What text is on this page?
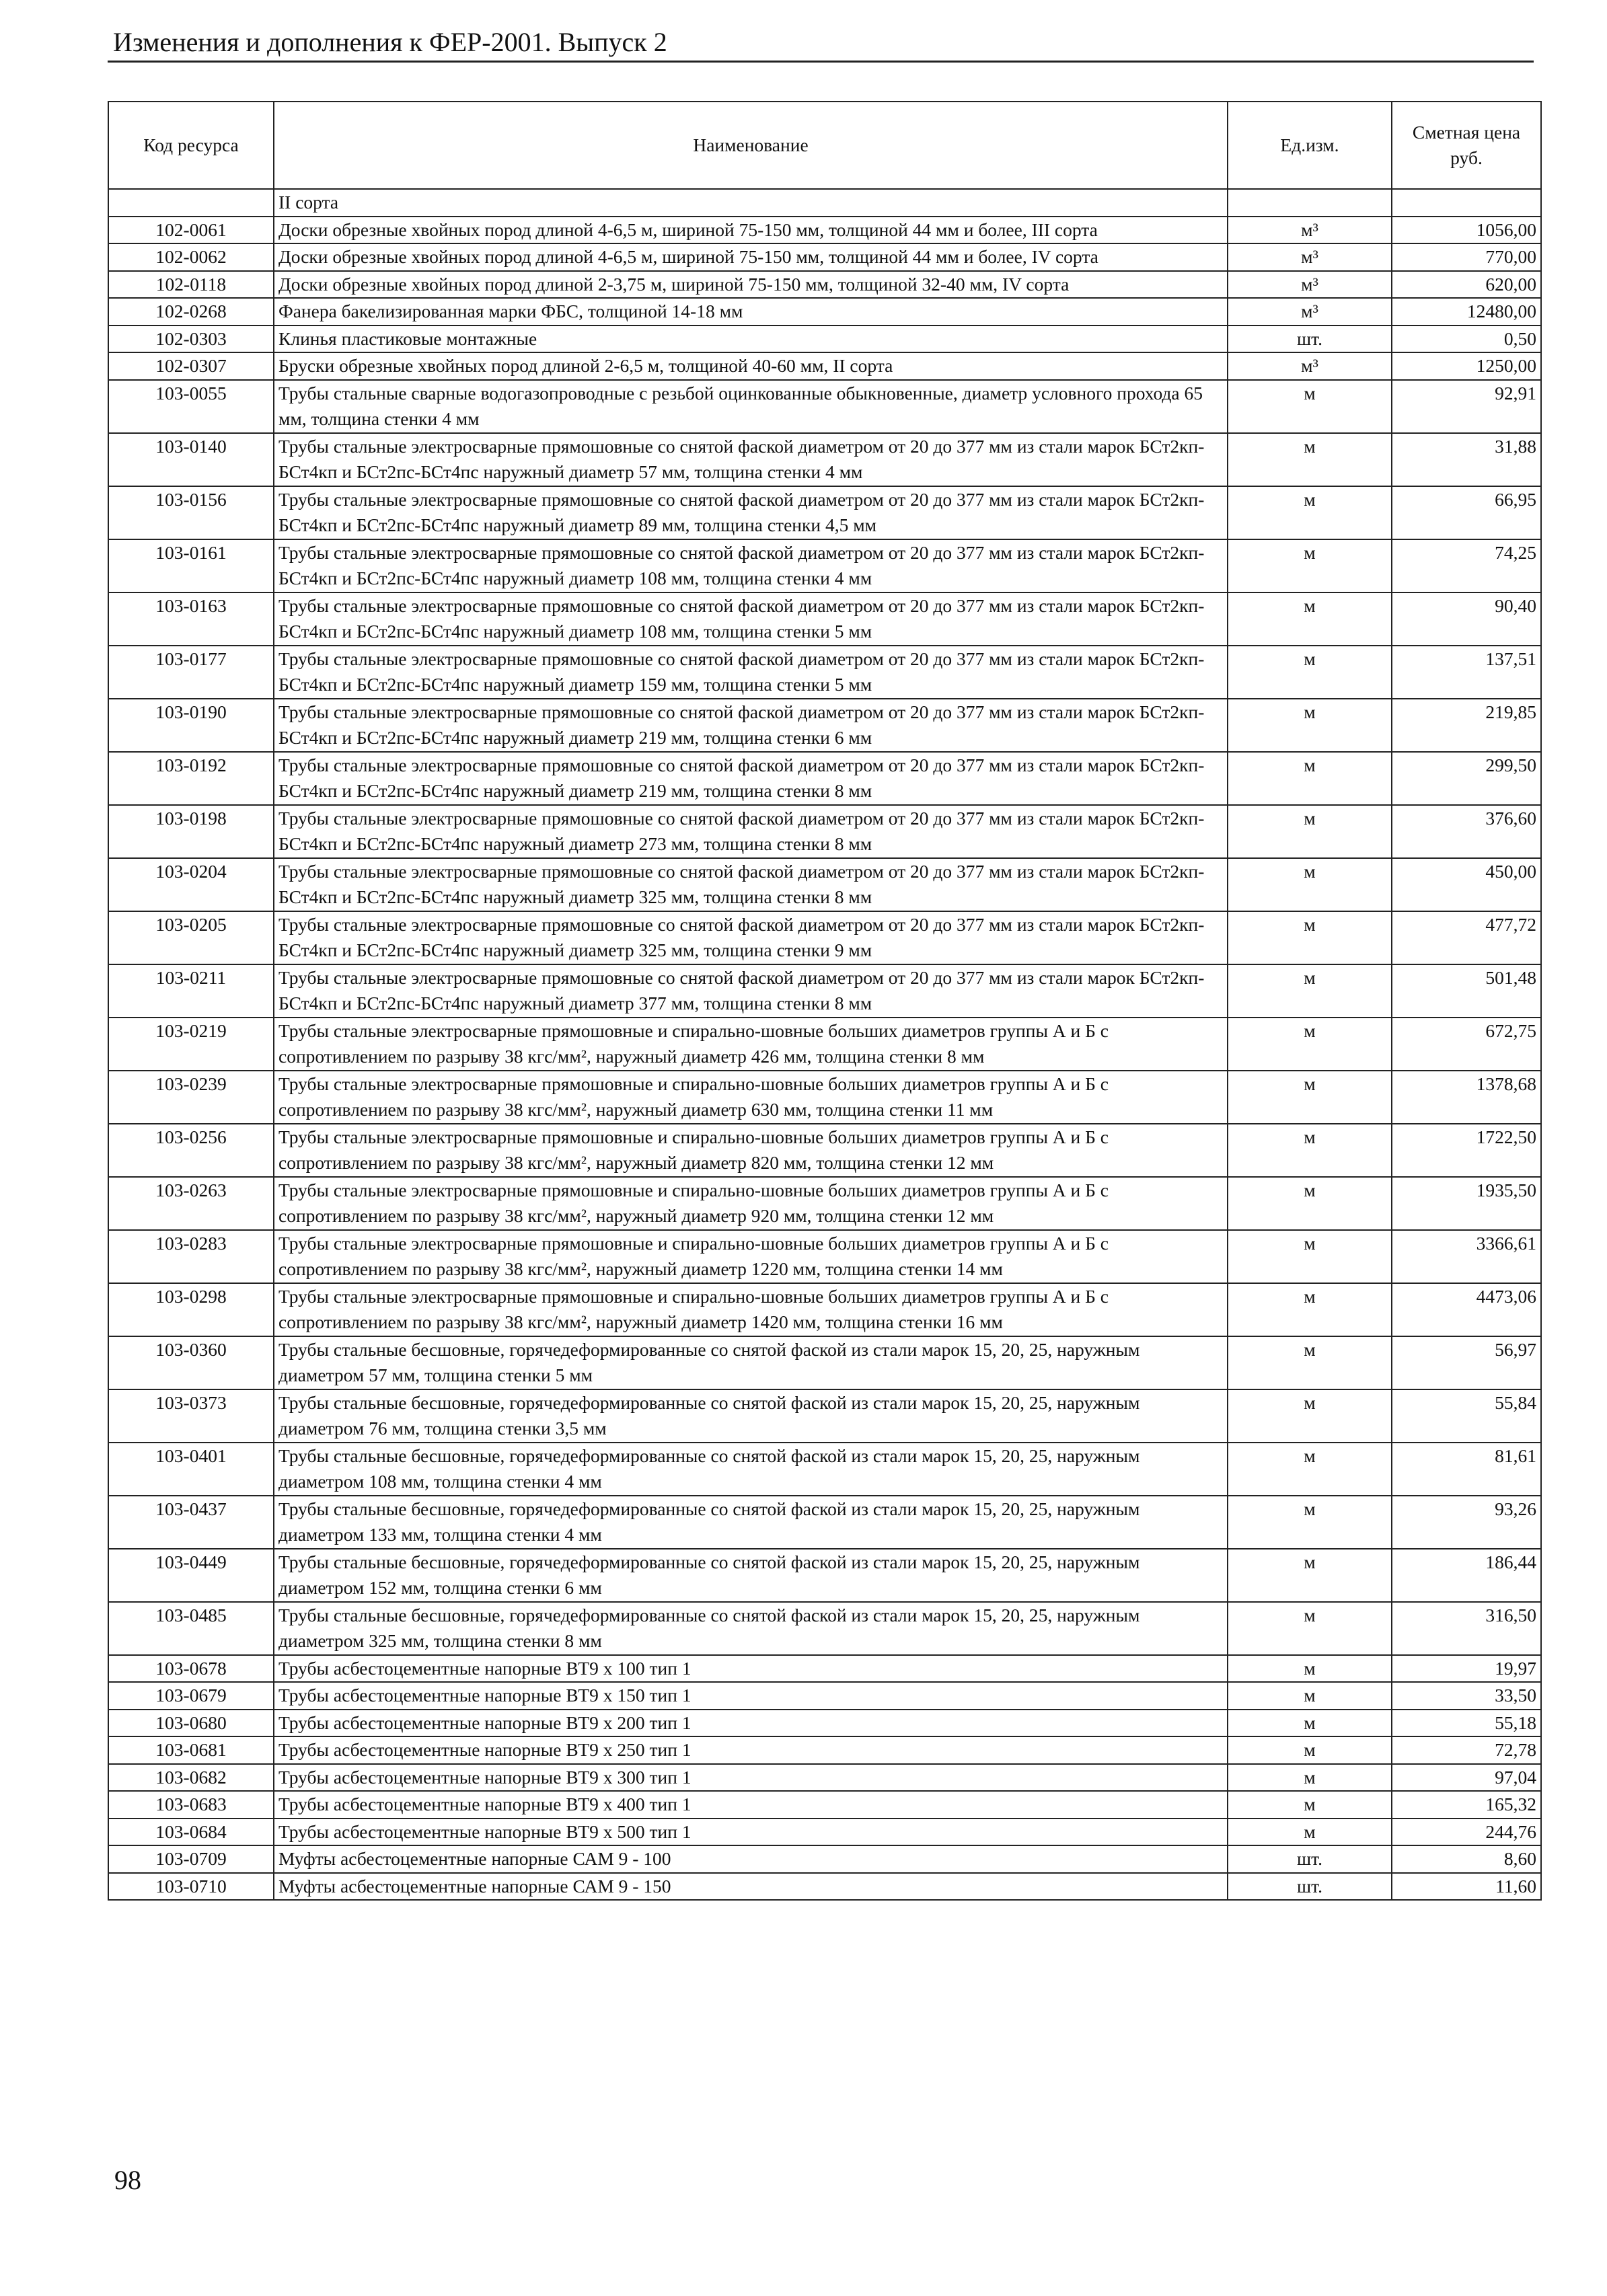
Изменения и дополнения к ФЕР-2001. Выпуск 2
Код ресурса	Наименование	Ед.изм.	Сметная цена руб.
	II сорта		
102-0061	Доски обрезные хвойных пород длиной 4-6,5 м, шириной 75-150 мм, толщиной 44 мм и более, III сорта	м³	1056,00
102-0062	Доски обрезные хвойных пород длиной 4-6,5 м, шириной 75-150 мм, толщиной 44 мм и более, IV сорта	м³	770,00
102-0118	Доски обрезные хвойных пород длиной 2-3,75 м, шириной 75-150 мм, толщиной 32-40 мм, IV сорта	м³	620,00
102-0268	Фанера бакелизированная марки ФБС, толщиной 14-18 мм	м³	12480,00
102-0303	Клинья пластиковые монтажные	шт.	0,50
102-0307	Бруски обрезные хвойных пород длиной 2-6,5 м, толщиной 40-60 мм, II сорта	м³	1250,00
103-0055	Трубы стальные сварные водогазопроводные с резьбой оцинкованные обыкновенные, диаметр условного прохода 65 мм, толщина стенки 4 мм	м	92,91
103-0140	Трубы стальные электросварные прямошовные со снятой фаской диаметром от 20 до 377 мм из стали марок БСт2кп-БСт4кп и БСт2пс-БСт4пс наружный диаметр 57 мм, толщина стенки 4 мм	м	31,88
103-0156	Трубы стальные электросварные прямошовные со снятой фаской диаметром от 20 до 377 мм из стали марок БСт2кп-БСт4кп и БСт2пс-БСт4пс наружный диаметр 89 мм, толщина стенки 4,5 мм	м	66,95
103-0161	Трубы стальные электросварные прямошовные со снятой фаской диаметром от 20 до 377 мм из стали марок БСт2кп-БСт4кп и БСт2пс-БСт4пс наружный диаметр 108 мм, толщина стенки 4 мм	м	74,25
103-0163	Трубы стальные электросварные прямошовные со снятой фаской диаметром от 20 до 377 мм из стали марок БСт2кп-БСт4кп и БСт2пс-БСт4пс наружный диаметр 108 мм, толщина стенки 5 мм	м	90,40
103-0177	Трубы стальные электросварные прямошовные со снятой фаской диаметром от 20 до 377 мм из стали марок БСт2кп-БСт4кп и БСт2пс-БСт4пс наружный диаметр 159 мм, толщина стенки 5 мм	м	137,51
103-0190	Трубы стальные электросварные прямошовные со снятой фаской диаметром от 20 до 377 мм из стали марок БСт2кп-БСт4кп и БСт2пс-БСт4пс наружный диаметр 219 мм, толщина стенки 6 мм	м	219,85
103-0192	Трубы стальные электросварные прямошовные со снятой фаской диаметром от 20 до 377 мм из стали марок БСт2кп-БСт4кп и БСт2пс-БСт4пс наружный диаметр 219 мм, толщина стенки 8 мм	м	299,50
103-0198	Трубы стальные электросварные прямошовные со снятой фаской диаметром от 20 до 377 мм из стали марок БСт2кп-БСт4кп и БСт2пс-БСт4пс наружный диаметр 273 мм, толщина стенки 8 мм	м	376,60
103-0204	Трубы стальные электросварные прямошовные со снятой фаской диаметром от 20 до 377 мм из стали марок БСт2кп-БСт4кп и БСт2пс-БСт4пс наружный диаметр 325 мм, толщина стенки 8 мм	м	450,00
103-0205	Трубы стальные электросварные прямошовные со снятой фаской диаметром от 20 до 377 мм из стали марок БСт2кп-БСт4кп и БСт2пс-БСт4пс наружный диаметр 325 мм, толщина стенки 9 мм	м	477,72
103-0211	Трубы стальные электросварные прямошовные со снятой фаской диаметром от 20 до 377 мм из стали марок БСт2кп-БСт4кп и БСт2пс-БСт4пс наружный диаметр 377 мм, толщина стенки 8 мм	м	501,48
103-0219	Трубы стальные электросварные прямошовные и спирально-шовные больших диаметров группы А и Б с сопротивлением по разрыву 38 кгс/мм², наружный диаметр 426 мм, толщина стенки 8 мм	м	672,75
103-0239	Трубы стальные электросварные прямошовные и спирально-шовные больших диаметров группы А и Б с сопротивлением по разрыву 38 кгс/мм², наружный диаметр 630 мм, толщина стенки 11 мм	м	1378,68
103-0256	Трубы стальные электросварные прямошовные и спирально-шовные больших диаметров группы А и Б с сопротивлением по разрыву 38 кгс/мм², наружный диаметр 820 мм, толщина стенки 12 мм	м	1722,50
103-0263	Трубы стальные электросварные прямошовные и спирально-шовные больших диаметров группы А и Б с сопротивлением по разрыву 38 кгс/мм², наружный диаметр 920 мм, толщина стенки 12 мм	м	1935,50
103-0283	Трубы стальные электросварные прямошовные и спирально-шовные больших диаметров группы А и Б с сопротивлением по разрыву 38 кгс/мм², наружный диаметр 1220 мм, толщина стенки 14 мм	м	3366,61
103-0298	Трубы стальные электросварные прямошовные и спирально-шовные больших диаметров группы А и Б с сопротивлением по разрыву 38 кгс/мм², наружный диаметр 1420 мм, толщина стенки 16 мм	м	4473,06
103-0360	Трубы стальные бесшовные, горячедеформированные со снятой фаской из стали марок 15, 20, 25, наружным диаметром 57 мм, толщина стенки 5 мм	м	56,97
103-0373	Трубы стальные бесшовные, горячедеформированные со снятой фаской из стали марок 15, 20, 25, наружным диаметром 76 мм, толщина стенки 3,5 мм	м	55,84
103-0401	Трубы стальные бесшовные, горячедеформированные со снятой фаской из стали марок 15, 20, 25, наружным диаметром 108 мм, толщина стенки 4 мм	м	81,61
103-0437	Трубы стальные бесшовные, горячедеформированные со снятой фаской из стали марок 15, 20, 25, наружным диаметром 133 мм, толщина стенки 4 мм	м	93,26
103-0449	Трубы стальные бесшовные, горячедеформированные со снятой фаской из стали марок 15, 20, 25, наружным диаметром 152 мм, толщина стенки 6 мм	м	186,44
103-0485	Трубы стальные бесшовные, горячедеформированные со снятой фаской из стали марок 15, 20, 25, наружным диаметром 325 мм, толщина стенки 8 мм	м	316,50
103-0678	Трубы асбестоцементные напорные ВТ9 х 100 тип 1	м	19,97
103-0679	Трубы асбестоцементные напорные ВТ9 х 150 тип 1	м	33,50
103-0680	Трубы асбестоцементные напорные ВТ9 х 200 тип 1	м	55,18
103-0681	Трубы асбестоцементные напорные ВТ9 х 250 тип 1	м	72,78
103-0682	Трубы асбестоцементные напорные ВТ9 х 300 тип 1	м	97,04
103-0683	Трубы асбестоцементные напорные ВТ9 х 400 тип 1	м	165,32
103-0684	Трубы асбестоцементные напорные ВТ9 х 500 тип 1	м	244,76
103-0709	Муфты асбестоцементные напорные САМ 9 - 100	шт.	8,60
103-0710	Муфты асбестоцементные напорные САМ 9 - 150	шт.	11,60
98
